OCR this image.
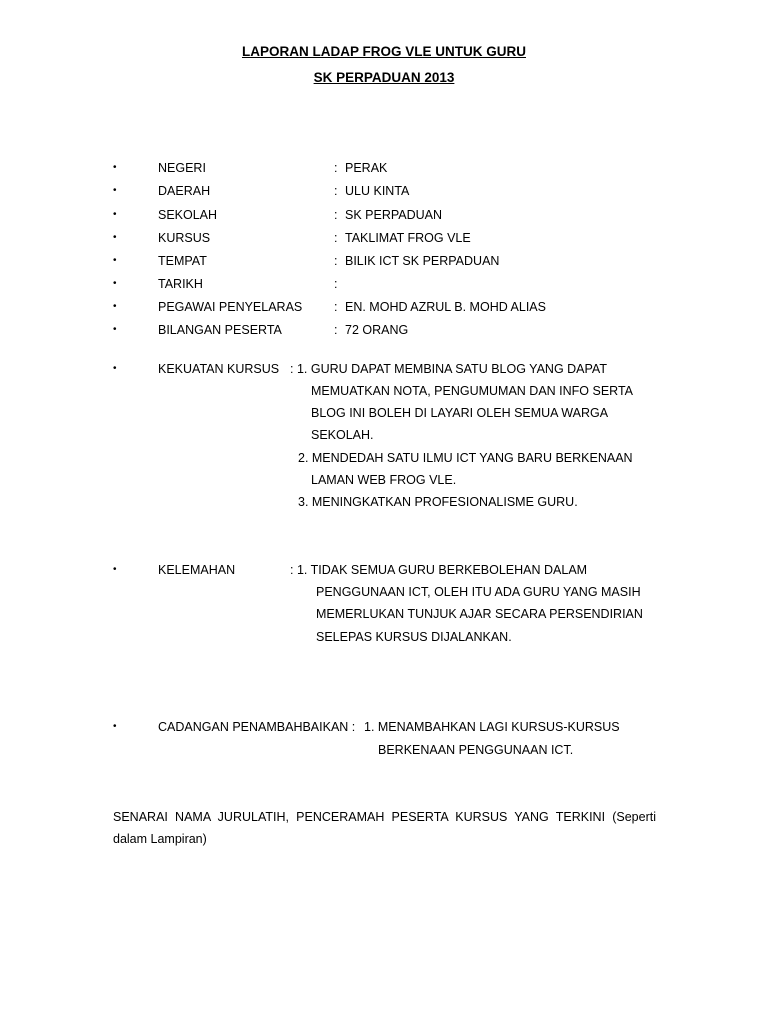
LAPORAN LADAP FROG VLE UNTUK GURU
SK PERPADUAN 2013
•	NEGERI	: PERAK
•	DAERAH	: ULU KINTA
•	SEKOLAH	: SK PERPADUAN
•	KURSUS	: TAKLIMAT FROG VLE
•	TEMPAT	: BILIK ICT SK PERPADUAN
•	TARIKH	:
•	PEGAWAI PENYELARAS	: EN. MOHD AZRUL B. MOHD ALIAS
•	BILANGAN PESERTA	: 72 ORANG
•	KEKUATAN KURSUS : 1. GURU DAPAT MEMBINA SATU BLOG YANG DAPAT
MEMUATKAN NOTA, PENGUMUMAN DAN INFO SERTA
BLOG INI BOLEH DI LAYARI OLEH SEMUA WARGA
SEKOLAH.
2. MENDEDAH SATU ILMU ICT YANG BARU BERKENAAN
LAMAN WEB FROG VLE.
3. MENINGKATKAN PROFESIONALISME GURU.
•	KELEMAHAN	: 1. TIDAK SEMUA GURU BERKEBOLEHAN DALAM
PENGGUNAAN ICT, OLEH ITU ADA GURU YANG MASIH
MEMERLUKAN TUNJUK AJAR SECARA PERSENDIRIAN
SELEPAS KURSUS DIJALANKAN.
•	CADANGAN PENAMBAHBAIKAN : 1. MENAMBAHKAN LAGI KURSUS-KURSUS
BERKENAAN PENGGUNAAN ICT.
SENARAI NAMA JURULATIH, PENCERAMAH PESERTA KURSUS YANG TERKINI (Seperti dalam Lampiran)
